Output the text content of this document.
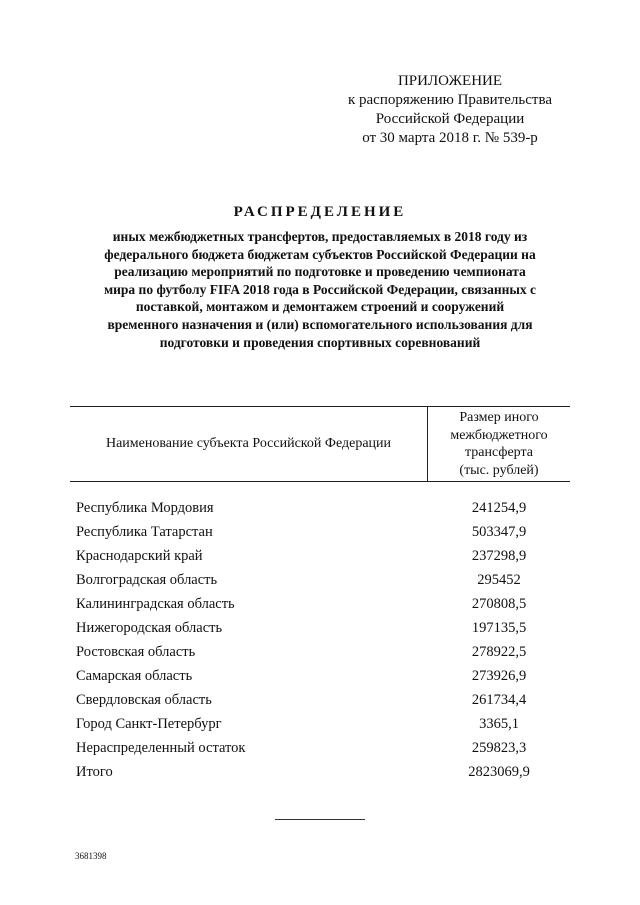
ПРИЛОЖЕНИЕ
к распоряжению Правительства
Российской Федерации
от 30 марта 2018 г. № 539-р
РАСПРЕДЕЛЕНИЕ
иных межбюджетных трансфертов, предоставляемых в 2018 году из
федерального бюджета бюджетам субъектов Российской Федерации на
реализацию мероприятий по подготовке и проведению чемпионата
мира по футболу FIFA 2018 года в Российской Федерации, связанных с
поставкой, монтажом и демонтажем строений и сооружений
временного назначения и (или) вспомогательного использования для
подготовки и проведения спортивных соревнований
Наименование субъекта Российской Федерации
Размер иного
межбюджетного
трансферта
(тыс. рублей)
Республика Мордовия	241254,9
Республика Татарстан	503347,9
Краснодарский край	237298,9
Волгоградская область	295452
Калининградская область	270808,5
Нижегородская область	197135,5
Ростовская область	278922,5
Самарская область	273926,9
Свердловская область	261734,4
Город Санкт-Петербург	3365,1
Нераспределенный остаток	259823,3
Итого	2823069,9
3681398
